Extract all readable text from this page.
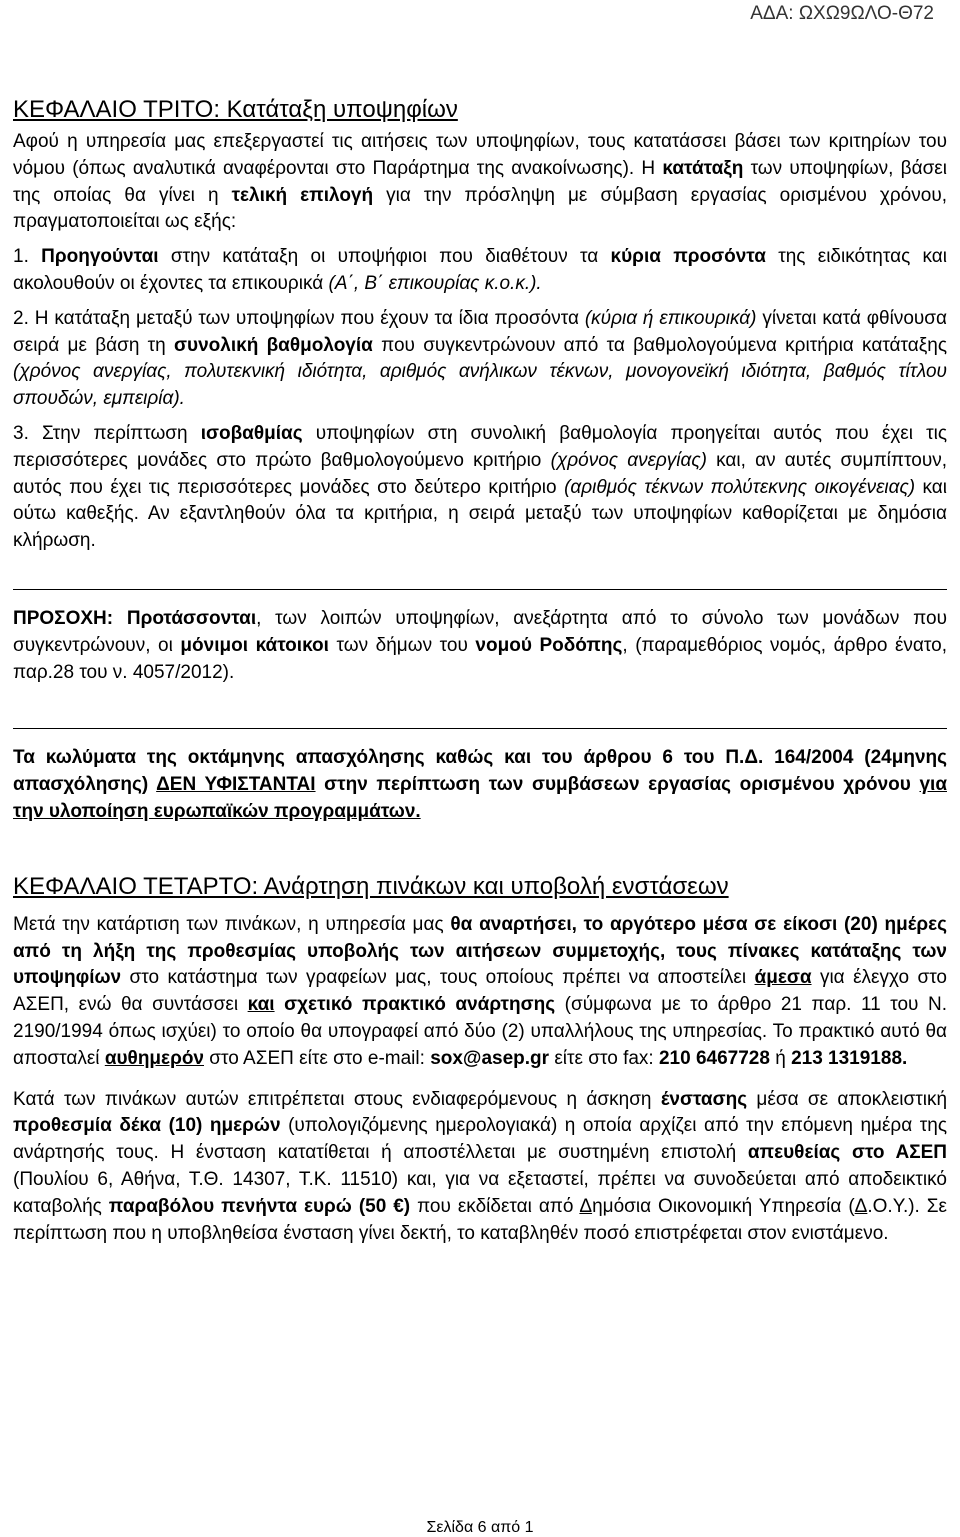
ΑΔΑ: ΩΧΩ9ΩΛΟ-Θ72
ΚΕΦΑΛΑΙΟ ΤΡΙΤΟ: Κατάταξη υποψηφίων

Αφού η υπηρεσία μας επεξεργαστεί τις αιτήσεις των υποψηφίων, τους κατατάσσει βάσει των κριτηρίων του νόμου (όπως αναλυτικά αναφέρονται στο Παράρτημα της ανακοίνωσης). Η κατάταξη των υποψηφίων, βάσει της οποίας θα γίνει η τελική επιλογή για την πρόσληψη με σύμβαση εργασίας ορισμένου χρόνου, πραγματοποιείται ως εξής:

1. Προηγούνται στην κατάταξη οι υποψήφιοι που διαθέτουν τα κύρια προσόντα της ειδικότητας και ακολουθούν οι έχοντες τα επικουρικά (Α΄, Β΄ επικουρίας κ.ο.κ.).

2. Η κατάταξη μεταξύ των υποψηφίων που έχουν τα ίδια προσόντα (κύρια ή επικουρικά) γίνεται κατά φθίνουσα σειρά με βάση τη συνολική βαθμολογία που συγκεντρώνουν από τα βαθμολογούμενα κριτήρια κατάταξης (χρόνος ανεργίας, πολυτεκνική ιδιότητα, αριθμός ανήλικων τέκνων, μονογονεϊκή ιδιότητα, βαθμός τίτλου σπουδών, εμπειρία).

3. Στην περίπτωση ισοβαθμίας υποψηφίων στη συνολική βαθμολογία προηγείται αυτός που έχει τις περισσότερες μονάδες στο πρώτο βαθμολογούμενο κριτήριο (χρόνος ανεργίας) και, αν αυτές συμπίπτουν, αυτός που έχει τις περισσότερες μονάδες στο δεύτερο κριτήριο (αριθμός τέκνων πολύτεκνης οικογένειας) και ούτω καθεξής. Αν εξαντληθούν όλα τα κριτήρια, η σειρά μεταξύ των υποψηφίων καθορίζεται με δημόσια κλήρωση.

ΠΡΟΣΟΧΗ: Προτάσσονται, των λοιπών υποψηφίων, ανεξάρτητα από το σύνολο των μονάδων που συγκεντρώνουν, οι μόνιμοι κάτοικοι των δήμων του νομού Ροδόπης, (παραμεθόριος νομός, άρθρο ένατο, παρ.28 του ν. 4057/2012).

Τα κωλύματα της οκτάμηνης απασχόλησης καθώς και του άρθρου 6 του Π.Δ. 164/2004 (24μηνης απασχόλησης) ΔΕΝ ΥΦΙΣΤΑΝΤΑΙ στην περίπτωση των συμβάσεων εργασίας ορισμένου χρόνου για την υλοποίηση ευρωπαϊκών προγραμμάτων.

ΚΕΦΑΛΑΙΟ ΤΕΤΑΡΤΟ: Ανάρτηση πινάκων και υποβολή ενστάσεων

Μετά την κατάρτιση των πινάκων, η υπηρεσία μας θα αναρτήσει, το αργότερο μέσα σε είκοσι (20) ημέρες από τη λήξη της προθεσμίας υποβολής των αιτήσεων συμμετοχής, τους πίνακες κατάταξης των υποψηφίων στο κατάστημα των γραφείων μας, τους οποίους πρέπει να αποστείλει άμεσα για έλεγχο στο ΑΣΕΠ, ενώ θα συντάσσει και σχετικό πρακτικό ανάρτησης (σύμφωνα με το άρθρο 21 παρ. 11 του Ν. 2190/1994 όπως ισχύει) το οποίο θα υπογραφεί από δύο (2) υπαλλήλους της υπηρεσίας. Το πρακτικό αυτό θα αποσταλεί αυθημερόν στο ΑΣΕΠ είτε στο e-mail: sox@asep.gr είτε στο fax: 210 6467728 ή 213 1319188.

Κατά των πινάκων αυτών επιτρέπεται στους ενδιαφερόμενους η άσκηση ένστασης μέσα σε αποκλειστική προθεσμία δέκα (10) ημερών (υπολογιζόμενης ημερολογιακά) η οποία αρχίζει από την επόμενη ημέρα της ανάρτησής τους. Η ένσταση κατατίθεται ή αποστέλλεται με συστημένη επιστολή απευθείας στο ΑΣΕΠ (Πουλίου 6, Αθήνα, Τ.Θ. 14307, Τ.Κ. 11510) και, για να εξεταστεί, πρέπει να συνοδεύεται από αποδεικτικό καταβολής παραβόλου πενήντα ευρώ (50 €) που εκδίδεται από Δημόσια Οικονομική Υπηρεσία (Δ.Ο.Υ.). Σε περίπτωση που η υποβληθείσα ένσταση γίνει δεκτή, το καταβληθέν ποσό επιστρέφεται στον ενιστάμενο.

Σελίδα 6 από 1
